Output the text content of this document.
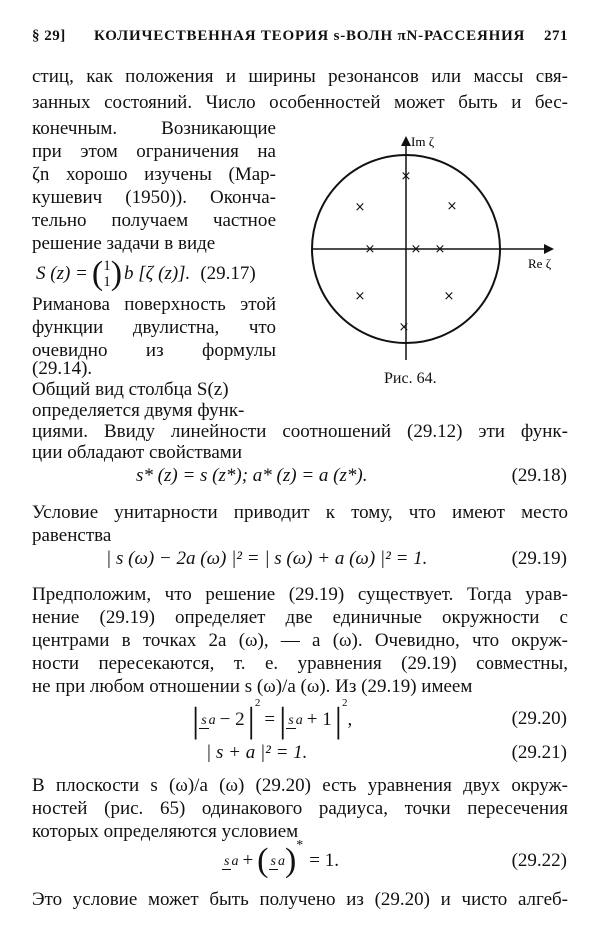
§ 29] КОЛИЧЕСТВЕННАЯ ТЕОРИЯ s-ВОЛН πN-РАССЕЯНИЯ 271
стиц, как положения и ширины резонансов или массы свя-
занных состояний. Число особенностей может быть и бес-
конечным. Возникающие
при этом ограничения на
ζn хорошо изучены (Мар-
кушевич (1950)). Оконча-
тельно получаем частное
решение задачи в виде
S (z) = ( 1
1 ) b [ζ (z)]. (29.17)
Риманова поверхность этой
функции двулистна, что
очевидно из формулы
(29.14).
Общий вид столбца S(z)
определяется двумя функ-
Im ζ
Re ζ
×
×	×
×	× ×
×	×
×
Рис. 64.
циями. Ввиду линейности соотношений (29.12) эти функ-
ции обладают свойствами
s* (z) = s (z*); a* (z) = a (z*).	(29.18)
Условие унитарности приводит к тому, что имеют место
равенства
| s (ω) − 2a (ω) |² = | s (ω) + a (ω) |² = 1.	(29.19)
Предположим, что решение (29.19) существует. Тогда урав-
нение (29.19) определяет две единичные окружности с
центрами в точках 2a (ω), — a (ω). Очевидно, что окруж-
ности пересекаются, т. е. уравнения (29.19) совместны,
не при любом отношении s (ω)/a (ω). Из (29.19) имеем
| s a − 2 $|^2$
= | s a + 1 $|^2$
,	(29.20)
| s + a |² = 1.	(29.21)
В плоскости s (ω)/a (ω) (29.20) есть уравнения двух окруж-
ностей (рис. 65) одинакового радиуса, точки пересечения
которых определяются условием
s a + ( s a )*
= 1.	(29.22)
Это условие может быть получено из (29.20) и чисто алгеб-
